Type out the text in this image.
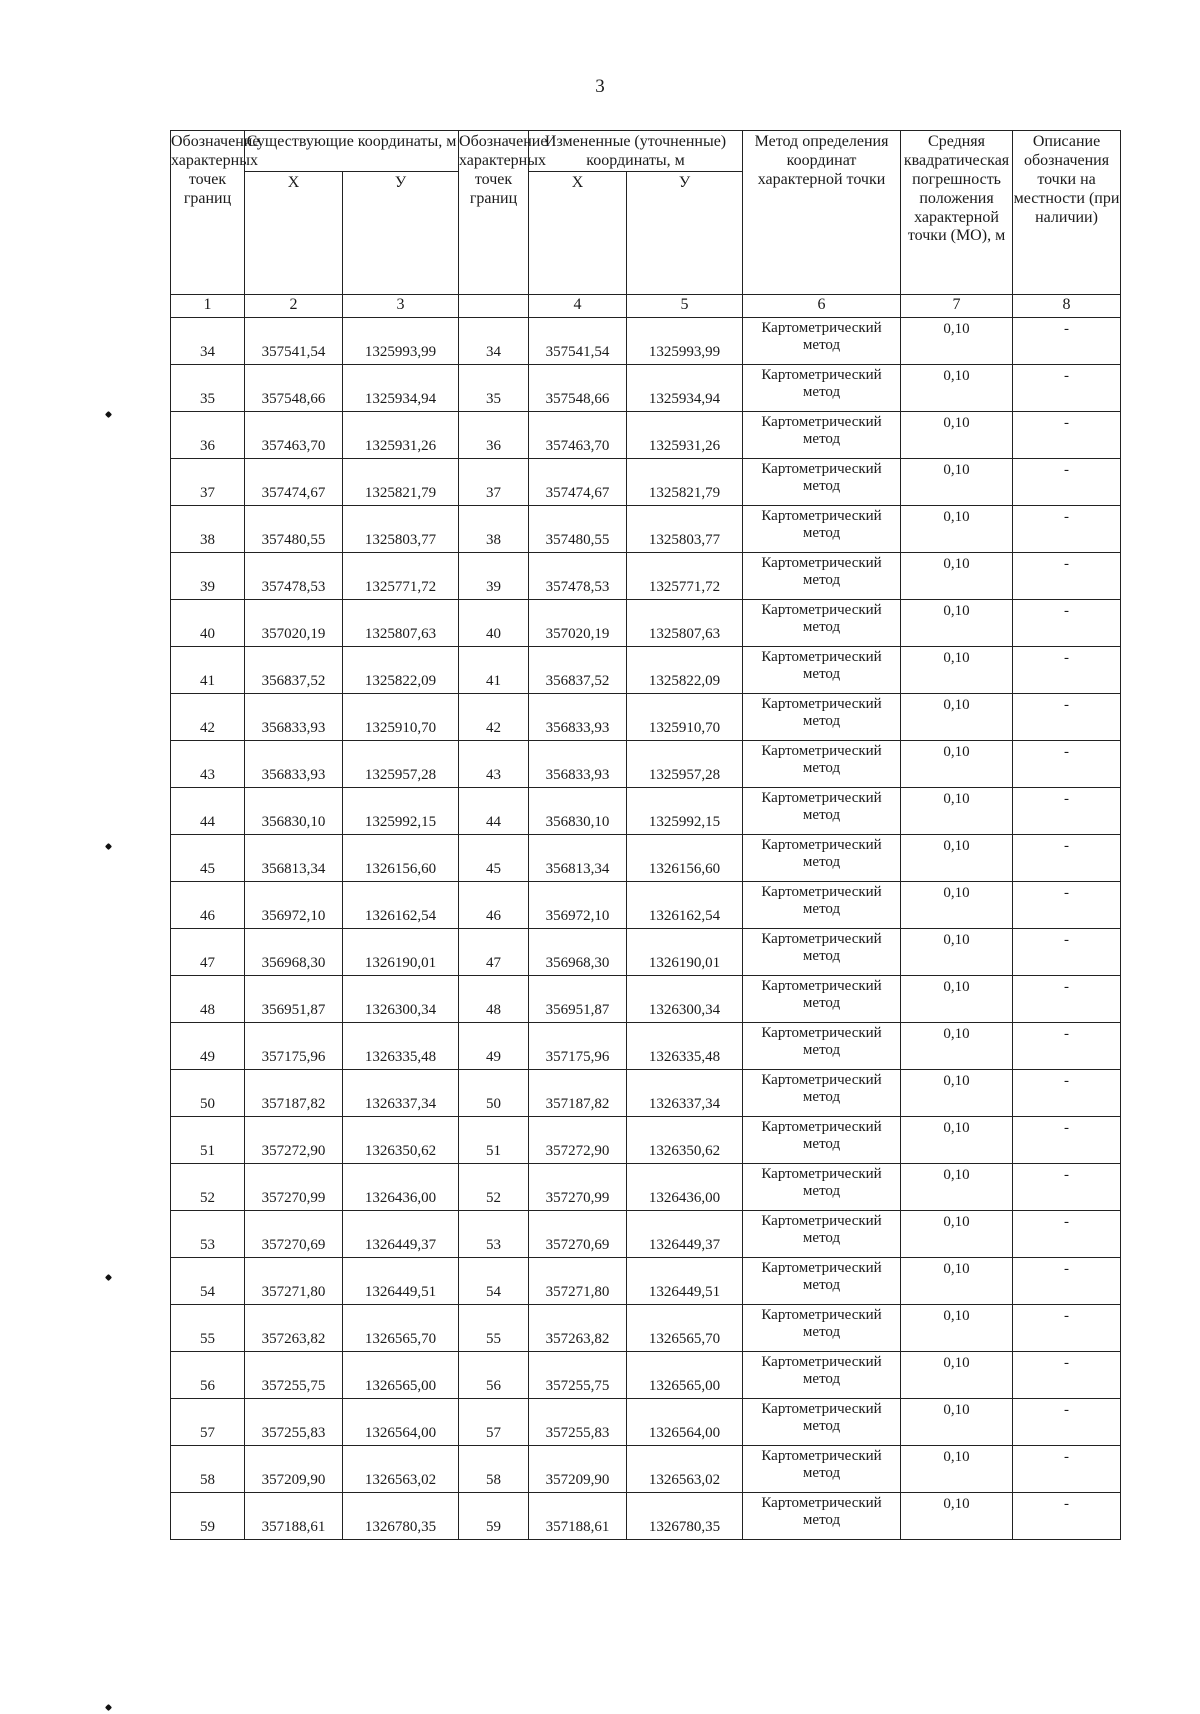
3
Обозначение характерных точек границ	Существующие координаты, м		Обозначение характерных точек границ	Измененные (уточненные) координаты, м		Метод определения координат характерной точки	Средняя квадратическая погрешность положения характерной точки (МО), м	Описание обозначения точки на местности (при наличии)
	X	У		X	У			
1	2	3		4	5	6	7	8
34	357541,54	1325993,99	34	357541,54	1325993,99	Картометрический метод	0,10	-
35	357548,66	1325934,94	35	357548,66	1325934,94	Картометрический метод	0,10	-
36	357463,70	1325931,26	36	357463,70	1325931,26	Картометрический метод	0,10	-
37	357474,67	1325821,79	37	357474,67	1325821,79	Картометрический метод	0,10	-
38	357480,55	1325803,77	38	357480,55	1325803,77	Картометрический метод	0,10	-
39	357478,53	1325771,72	39	357478,53	1325771,72	Картометрический метод	0,10	-
40	357020,19	1325807,63	40	357020,19	1325807,63	Картометрический метод	0,10	-
41	356837,52	1325822,09	41	356837,52	1325822,09	Картометрический метод	0,10	-
42	356833,93	1325910,70	42	356833,93	1325910,70	Картометрический метод	0,10	-
43	356833,93	1325957,28	43	356833,93	1325957,28	Картометрический метод	0,10	-
44	356830,10	1325992,15	44	356830,10	1325992,15	Картометрический метод	0,10	-
45	356813,34	1326156,60	45	356813,34	1326156,60	Картометрический метод	0,10	-
46	356972,10	1326162,54	46	356972,10	1326162,54	Картометрический метод	0,10	-
47	356968,30	1326190,01	47	356968,30	1326190,01	Картометрический метод	0,10	-
48	356951,87	1326300,34	48	356951,87	1326300,34	Картометрический метод	0,10	-
49	357175,96	1326335,48	49	357175,96	1326335,48	Картометрический метод	0,10	-
50	357187,82	1326337,34	50	357187,82	1326337,34	Картометрический метод	0,10	-
51	357272,90	1326350,62	51	357272,90	1326350,62	Картометрический метод	0,10	-
52	357270,99	1326436,00	52	357270,99	1326436,00	Картометрический метод	0,10	-
53	357270,69	1326449,37	53	357270,69	1326449,37	Картометрический метод	0,10	-
54	357271,80	1326449,51	54	357271,80	1326449,51	Картометрический метод	0,10	-
55	357263,82	1326565,70	55	357263,82	1326565,70	Картометрический метод	0,10	-
56	357255,75	1326565,00	56	357255,75	1326565,00	Картометрический метод	0,10	-
57	357255,83	1326564,00	57	357255,83	1326564,00	Картометрический метод	0,10	-
58	357209,90	1326563,02	58	357209,90	1326563,02	Картометрический метод	0,10	-
59	357188,61	1326780,35	59	357188,61	1326780,35	Картометрический метод	0,10	-
